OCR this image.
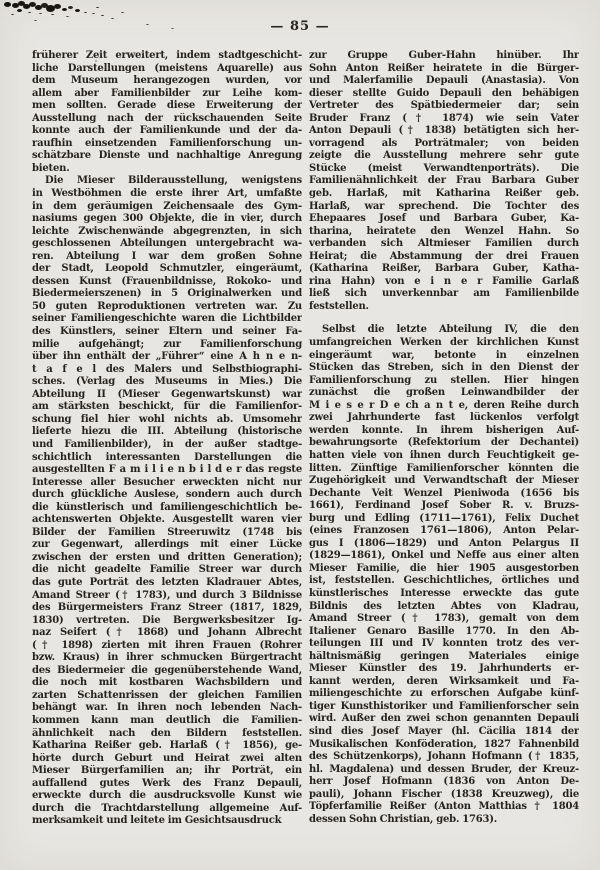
— 85 —

früherer Zeit erweitert, indem stadtgeschicht-
liche Darstellungen (meistens Aquarelle) aus
dem Museum herangezogen wurden, vor
allem aber Familienbilder zur Leihe kom-
men sollten. Gerade diese Erweiterung der
Ausstellung nach der rückschauenden Seite
konnte auch der Familienkunde und der da-
raufhin einsetzenden Familienforschung un-
schätzbare Dienste und nachhaltige Anregung
bieten.

Die Mieser Bilderausstellung, wenigstens
in Westböhmen die erste ihrer Art, umfaßte
in dem geräumigen Zeichensaale des Gym-
nasiums gegen 300 Objekte, die in vier, durch
leichte Zwischenwände abgegrenzten, in sich
geschlossenen Abteilungen untergebracht wa-
ren. Abteilung I war dem großen Sohne
der Stadt, Leopold Schmutzler, eingeräumt,
dessen Kunst (Frauenbildnisse, Rokoko- und
Biedermeierszenen) in 5 Originalwerken und
50 guten Reproduktionen vertreten war. Zu
seiner Familiengeschichte waren die Lichtbilder
des Künstlers, seiner Eltern und seiner Fa-
milie aufgehängt; zur Familienforschung
über ihn enthält der „Führer“ eine A h n e n-
t a f e l des Malers und Selbstbiographi-
sches. (Verlag des Museums in Mies.) Die
Abteilung II (Mieser Gegenwartskunst) war
am stärksten beschickt, für die Familienfor-
schung fiel hier wohl nichts ab. Umsomehr
lieferte hiezu die III. Abteilung (historische
und Familienbilder), in der außer stadtge-
schichtlich interessanten Darstellungen die
ausgestellten F a m i l i e n b i l d e r das regste
Interesse aller Besucher erweckten nicht nur
durch glückliche Auslese, sondern auch durch
die künstlerisch und familiengeschichtlich be-
achtenswerten Objekte. Ausgestellt waren vier
Bilder der Familien Streeruwitz (1748 bis
zur Gegenwart, allerdings mit einer Lücke
zwischen der ersten und dritten Generation);
die nicht geadelte Familie Streer war durch
das gute Porträt des letzten Kladrauer Abtes,
Amand Streer († 1783), und durch 3 Bildnisse
des Bürgermeisters Franz Streer (1817, 1829,
1830) vertreten. Die Bergwerksbesitzer Ig-
naz Seifert († 1868) und Johann Albrecht
(† 1898) zierten mit ihren Frauen (Rohrer
bzw. Kraus) in ihrer schmucken Bürgertracht
des Biedermeier die gegenüberstehende Wand,
die noch mit kostbaren Wachsbildern und
zarten Schattenrissen der gleichen Familien
behängt war. In ihren noch lebenden Nach-
kommen kann man deutlich die Familien-
ähnlichkeit nach den Bildern feststellen.
Katharina Reißer geb. Harlaß († 1856), ge-
hörte durch Geburt und Heirat zwei alten
Mieser Bürgerfamilien an; ihr Porträt, ein
auffallend gutes Werk des Franz Depauli,
erweckte durch die ausdrucksvolle Kunst wie
durch die Trachtdarstellung allgemeine Auf-
merksamkeit und leitete im Gesichtsausdruck

zur Gruppe Guber-Hahn hinüber. Ihr
Sohn Anton Reißer heiratete in die Bürger-
und Malerfamilie Depauli (Anastasia). Von
dieser stellte Guido Depauli den behäbigen
Vertreter des Spätbiedermeier dar; sein
Bruder Franz († 1874) wie sein Vater
Anton Depauli († 1838) betätigten sich her-
vorragend als Porträtmaler; von beiden
zeigte die Ausstellung mehrere sehr gute
Stücke (meist Verwandtenporträts). Die
Familienähnlichkeit der Frau Barbara Guber
geb. Harlaß, mit Katharina Reißer geb.
Harlaß, war sprechend. Die Tochter des
Ehepaares Josef und Barbara Guber, Ka-
tharina, heiratete den Wenzel Hahn. So
verbanden sich Altmieser Familien durch
Heirat; die Abstammung der drei Frauen
(Katharina Reißer, Barbara Guber, Katha-
rina Hahn) von e i n e r Familie Garlaß
ließ sich unverkennbar am Familienbilde
feststellen.

Selbst die letzte Abteilung IV, die den
umfangreichen Werken der kirchlichen Kunst
eingeräumt war, betonte in einzelnen
Stücken das Streben, sich in den Dienst der
Familienforschung zu stellen. Hier hingen
zunächst die großen Leinwandbilder der
M i e s e r D e ch a n t e, deren Reihe durch
zwei Jahrhunderte fast lückenlos verfolgt
werden konnte. In ihrem bisherigen Auf-
bewahrungsorte (Refektorium der Dechantei)
hatten viele von ihnen durch Feuchtigkeit ge-
litten. Zünftige Familienforscher könnten die
Zugehörigkeit und Verwandtschaft der Mieser
Dechante Veit Wenzel Pieniwoda (1656 bis
1661), Ferdinand Josef Sober R. v. Bruzs-
burg und Edling (1711—1761), Felix Duchet
(eines Franzosen 1761—1806), Anton Pelar-
gus I (1806—1829) und Anton Pelargus II
(1829—1861), Onkel und Neffe aus einer alten
Mieser Familie, die hier 1905 ausgestorben
ist, feststellen. Geschichtliches, örtliches und
künstlerisches Interesse erweckte das gute
Bildnis des letzten Abtes von Kladrau,
Amand Streer († 1783), gemalt von dem
Italiener Genaro Basille 1770. In den Ab-
teilungen III und IV konnten trotz des ver-
hältnismäßig geringen Materiales einige
Mieser Künstler des 19. Jahrhunderts er-
kannt werden, deren Wirksamkeit und Fa-
miliengeschichte zu erforschen Aufgabe künf-
tiger Kunsthistoriker und Familienforscher sein
wird. Außer den zwei schon genannten Depauli
sind dies Josef Mayer (hl. Cäcilia 1814 der
Musikalischen Konföderation, 1827 Fahnenbild
des Schützenkorps), Johann Hofmann († 1835,
hl. Magdalena) und dessen Bruder, der Kreuz-
herr Josef Hofmann (1836 von Anton De-
pauli), Johann Fischer (1838 Kreuzweg), die
Töpferfamilie Reißer (Anton Matthias † 1804
dessen Sohn Christian, geb. 1763).
